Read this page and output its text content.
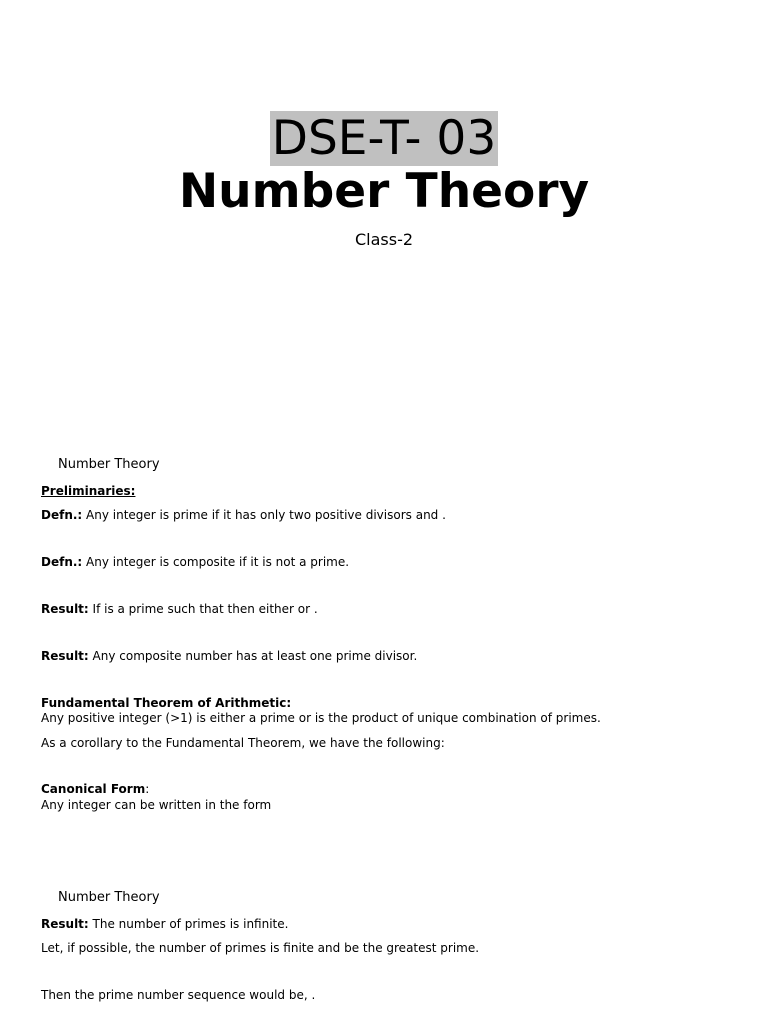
DSE-T- 03
Number Theory
Class-2
Number Theory
Preliminaries:
Defn.: Any integer is prime if it has only two positive divisors and .
Defn.: Any integer is composite if it is not a prime.
Result: If is a prime such that then either or .
Result: Any composite number has at least one prime divisor.
Fundamental Theorem of Arithmetic:
Any positive integer (>1) is either a prime or is the product of unique combination of primes.
As a corollary to the Fundamental Theorem, we have the following:
Canonical Form:
Any integer can be written in the form
Number Theory
Result: The number of primes is infinite.
Let, if possible, the number of primes is finite and be the greatest prime.
Then the prime number sequence would be, .
